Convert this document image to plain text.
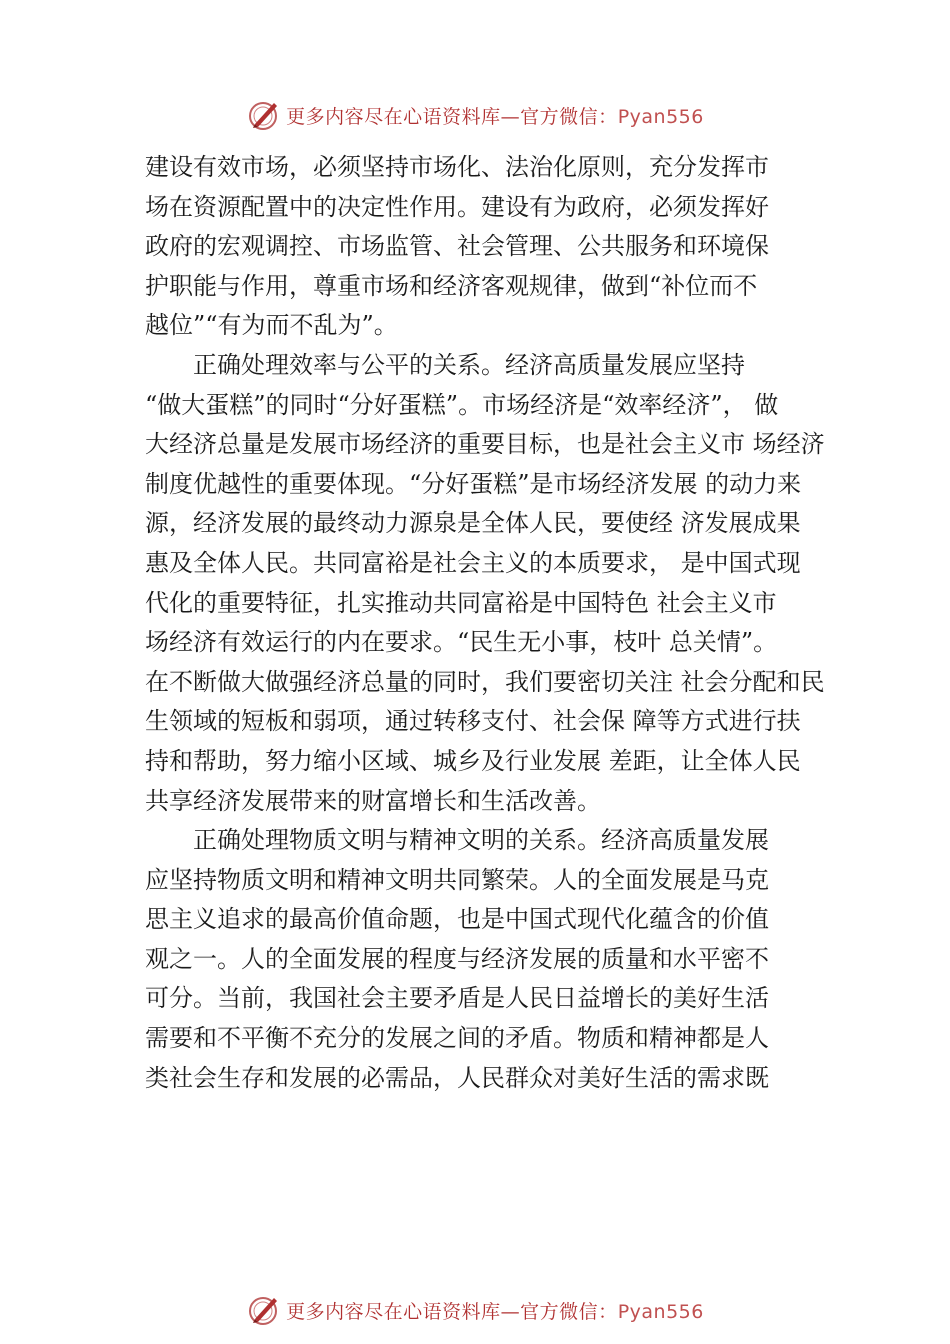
更多内容尽在心语资料库—官方微信：Pyan556
建设有效市场，必须坚持市场化、法治化原则，充分发挥市
场在资源配置中的决定性作用。建设有为政府，必须发挥好
政府的宏观调控、市场监管、社会管理、公共服务和环境保
护职能与作用，尊重市场和经济客观规律，做到“补位而不
越位”“有为而不乱为”。
正确处理效率与公平的关系。经济高质量发展应坚持
“做大蛋糕”的同时“分好蛋糕”。市场经济是“效率经济”， 做
大经济总量是发展市场经济的重要目标，也是社会主义市 场经济
制度优越性的重要体现。“分好蛋糕”是市场经济发展 的动力来
源，经济发展的最终动力源泉是全体人民，要使经 济发展成果
惠及全体人民。共同富裕是社会主义的本质要求， 是中国式现
代化的重要特征，扎实推动共同富裕是中国特色 社会主义市
场经济有效运行的内在要求。“民生无小事，枝叶 总关情”。
在不断做大做强经济总量的同时，我们要密切关注 社会分配和民
生领域的短板和弱项，通过转移支付、社会保 障等方式进行扶
持和帮助，努力缩小区域、城乡及行业发展 差距，让全体人民
共享经济发展带来的财富增长和生活改善。
正确处理物质文明与精神文明的关系。经济高质量发展
应坚持物质文明和精神文明共同繁荣。人的全面发展是马克
思主义追求的最高价值命题，也是中国式现代化蕴含的价值
观之一。人的全面发展的程度与经济发展的质量和水平密不
可分。当前，我国社会主要矛盾是人民日益增长的美好生活
需要和不平衡不充分的发展之间的矛盾。物质和精神都是人
类社会生存和发展的必需品，人民群众对美好生活的需求既
更多内容尽在心语资料库—官方微信：Pyan556
